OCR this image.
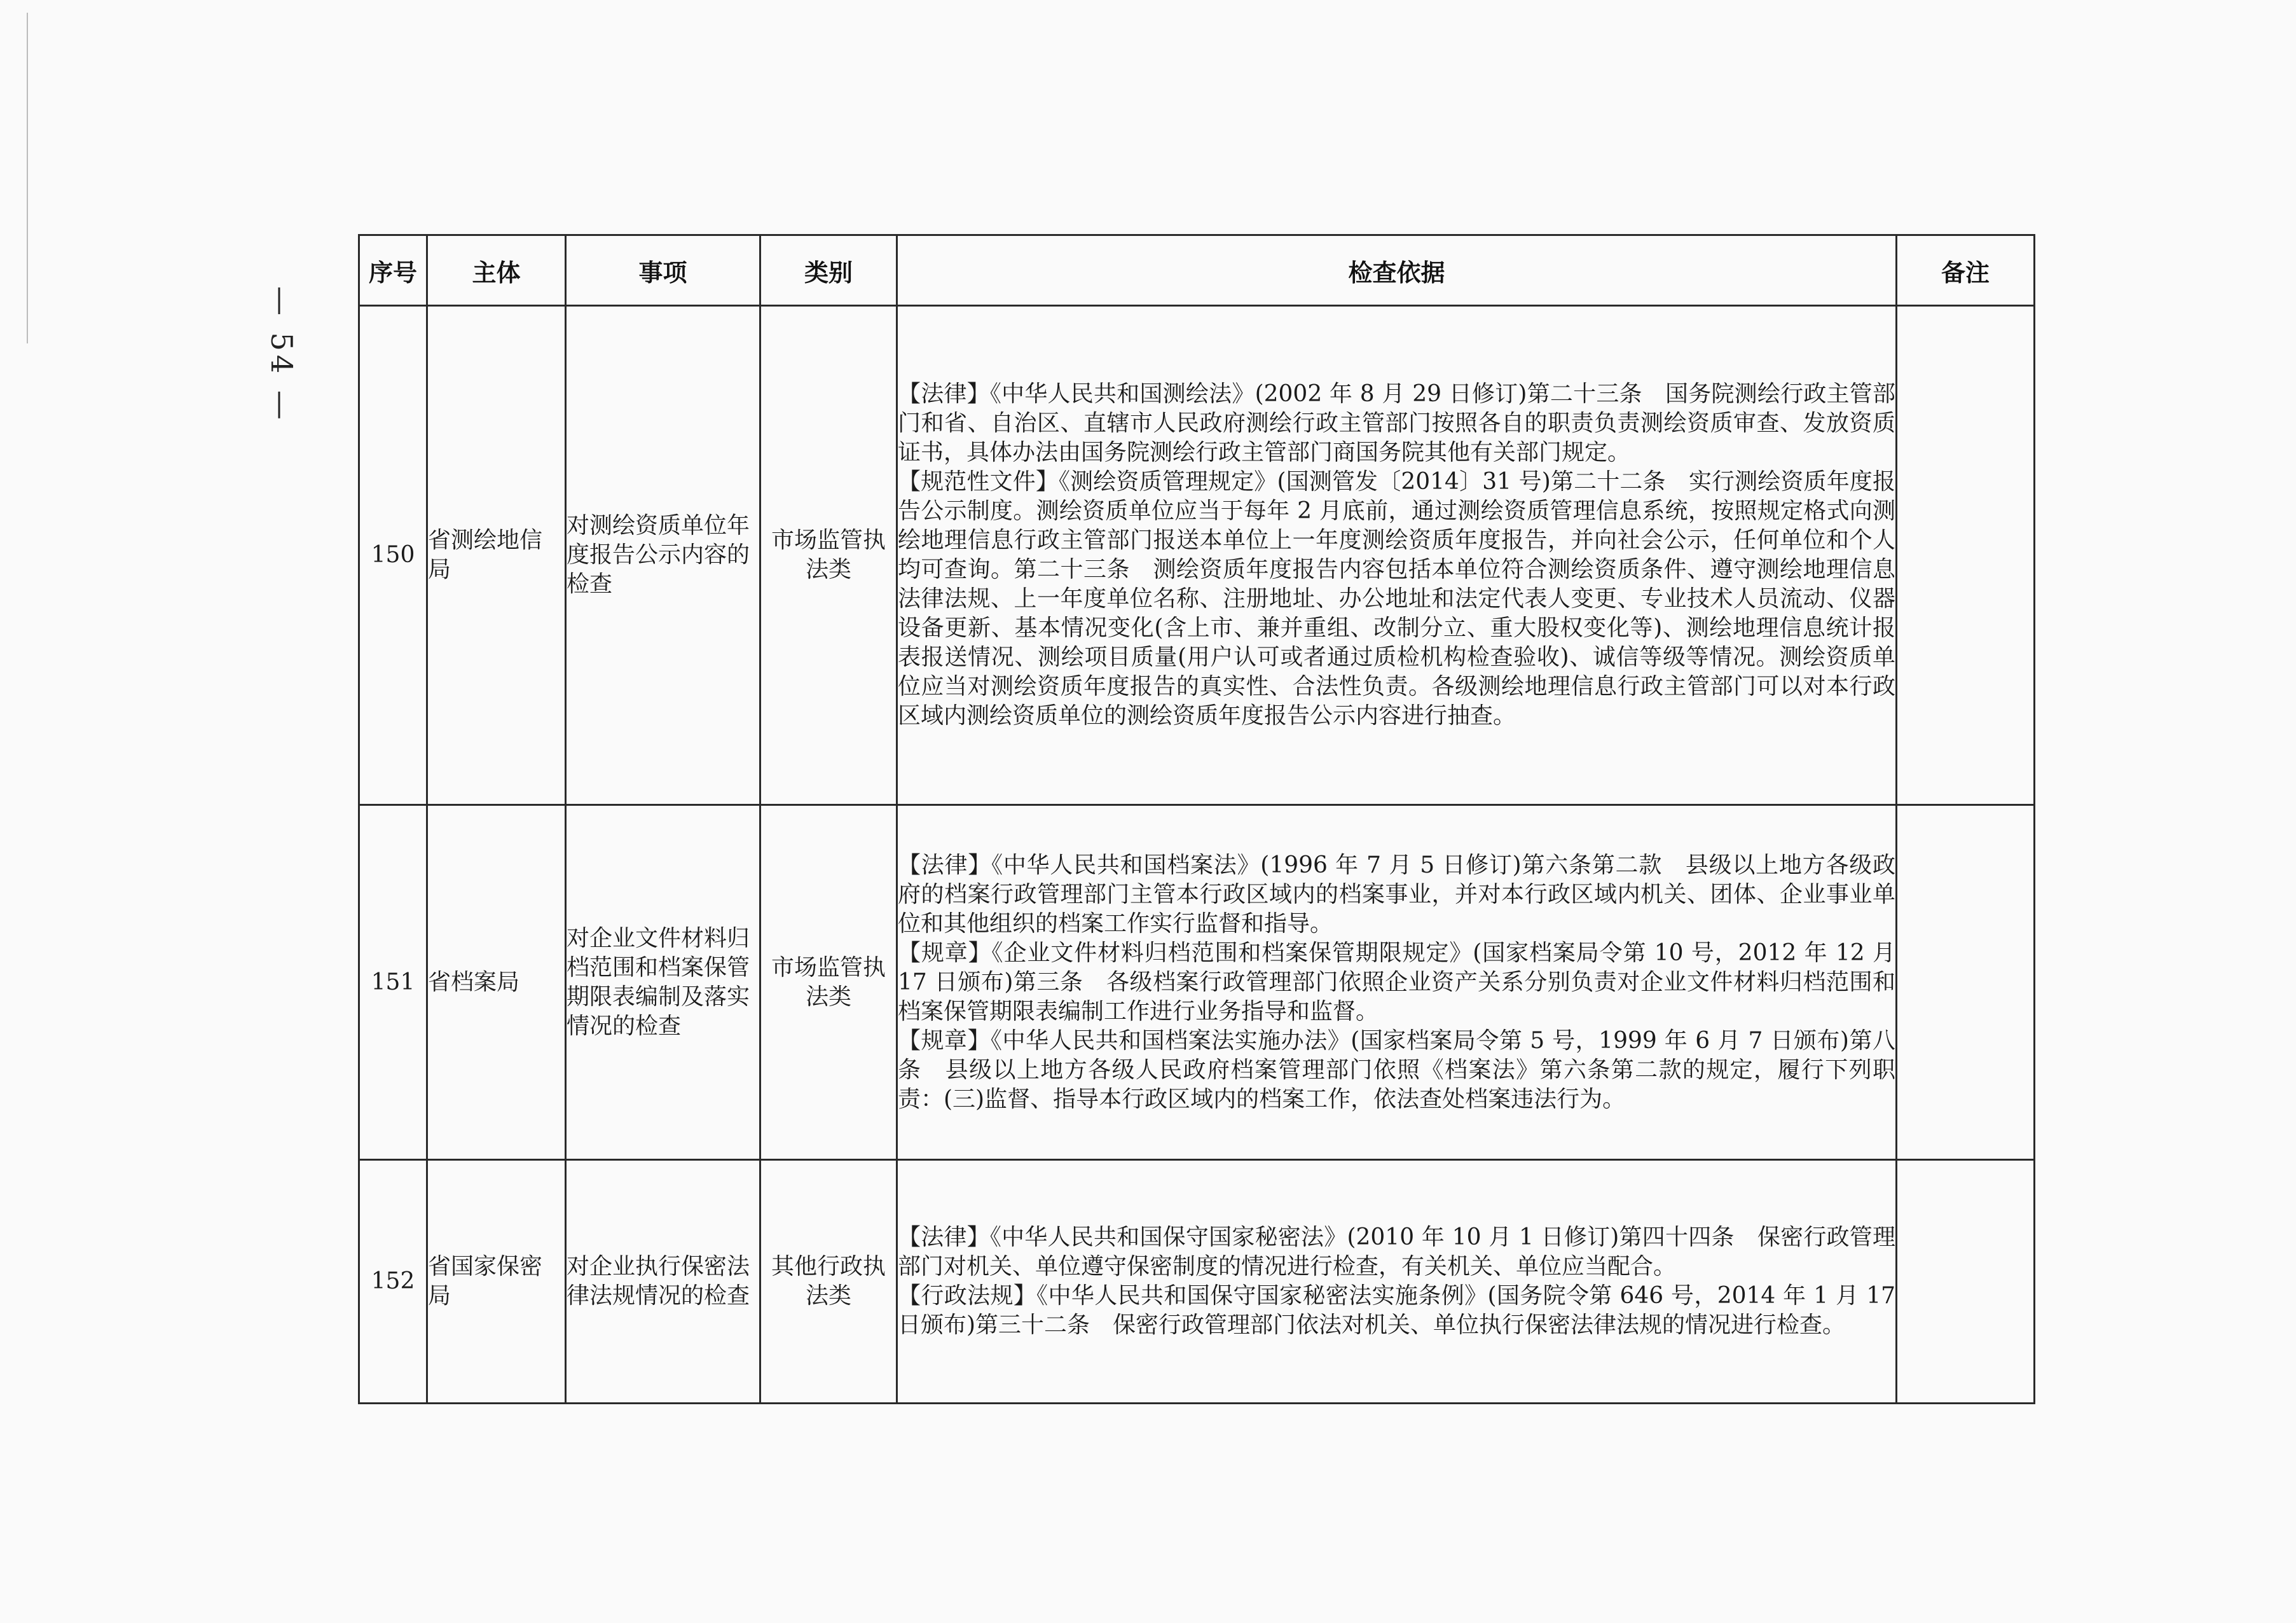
— 54 —
序号	主体	事项	类别	检查依据	备注
150	省测绘地信局	对测绘资质单位年度报告公示内容的检查	市场监管执法类	【法律】《中华人民共和国测绘法》(2002 年 8 月 29 日修订)第二十三条　国务院测绘行政主管部门和省、自治区、直辖市人民政府测绘行政主管部门按照各自的职责负责测绘资质审查、发放资质证书，具体办法由国务院测绘行政主管部门商国务院其他有关部门规定。
【规范性文件】《测绘资质管理规定》(国测管发〔2014〕31 号)第二十二条　实行测绘资质年度报告公示制度。测绘资质单位应当于每年 2 月底前，通过测绘资质管理信息系统，按照规定格式向测绘地理信息行政主管部门报送本单位上一年度测绘资质年度报告，并向社会公示，任何单位和个人均可查询。第二十三条　测绘资质年度报告内容包括本单位符合测绘资质条件、遵守测绘地理信息法律法规、上一年度单位名称、注册地址、办公地址和法定代表人变更、专业技术人员流动、仪器设备更新、基本情况变化(含上市、兼并重组、改制分立、重大股权变化等)、测绘地理信息统计报表报送情况、测绘项目质量(用户认可或者通过质检机构检查验收)、诚信等级等情况。测绘资质单位应当对测绘资质年度报告的真实性、合法性负责。各级测绘地理信息行政主管部门可以对本行政区域内测绘资质单位的测绘资质年度报告公示内容进行抽查。	

151	省档案局	对企业文件材料归档范围和档案保管期限表编制及落实情况的检查	市场监管执法类	【法律】《中华人民共和国档案法》(1996 年 7 月 5 日修订)第六条第二款　县级以上地方各级政府的档案行政管理部门主管本行政区域内的档案事业，并对本行政区域内机关、团体、企业事业单位和其他组织的档案工作实行监督和指导。
【规章】《企业文件材料归档范围和档案保管期限规定》(国家档案局令第 10 号，2012 年 12 月 17 日颁布)第三条　各级档案行政管理部门依照企业资产关系分别负责对企业文件材料归档范围和档案保管期限表编制工作进行业务指导和监督。
【规章】《中华人民共和国档案法实施办法》(国家档案局令第 5 号，1999 年 6 月 7 日颁布)第八条　县级以上地方各级人民政府档案管理部门依照《档案法》第六条第二款的规定，履行下列职责：(三)监督、指导本行政区域内的档案工作，依法查处档案违法行为。	

152	省国家保密局	对企业执行保密法律法规情况的检查	其他行政执法类	【法律】《中华人民共和国保守国家秘密法》(2010 年 10 月 1 日修订)第四十四条　保密行政管理部门对机关、单位遵守保密制度的情况进行检查，有关机关、单位应当配合。
【行政法规】《中华人民共和国保守国家秘密法实施条例》(国务院令第 646 号，2014 年 1 月 17 日颁布)第三十二条　保密行政管理部门依法对机关、单位执行保密法律法规的情况进行检查。	
